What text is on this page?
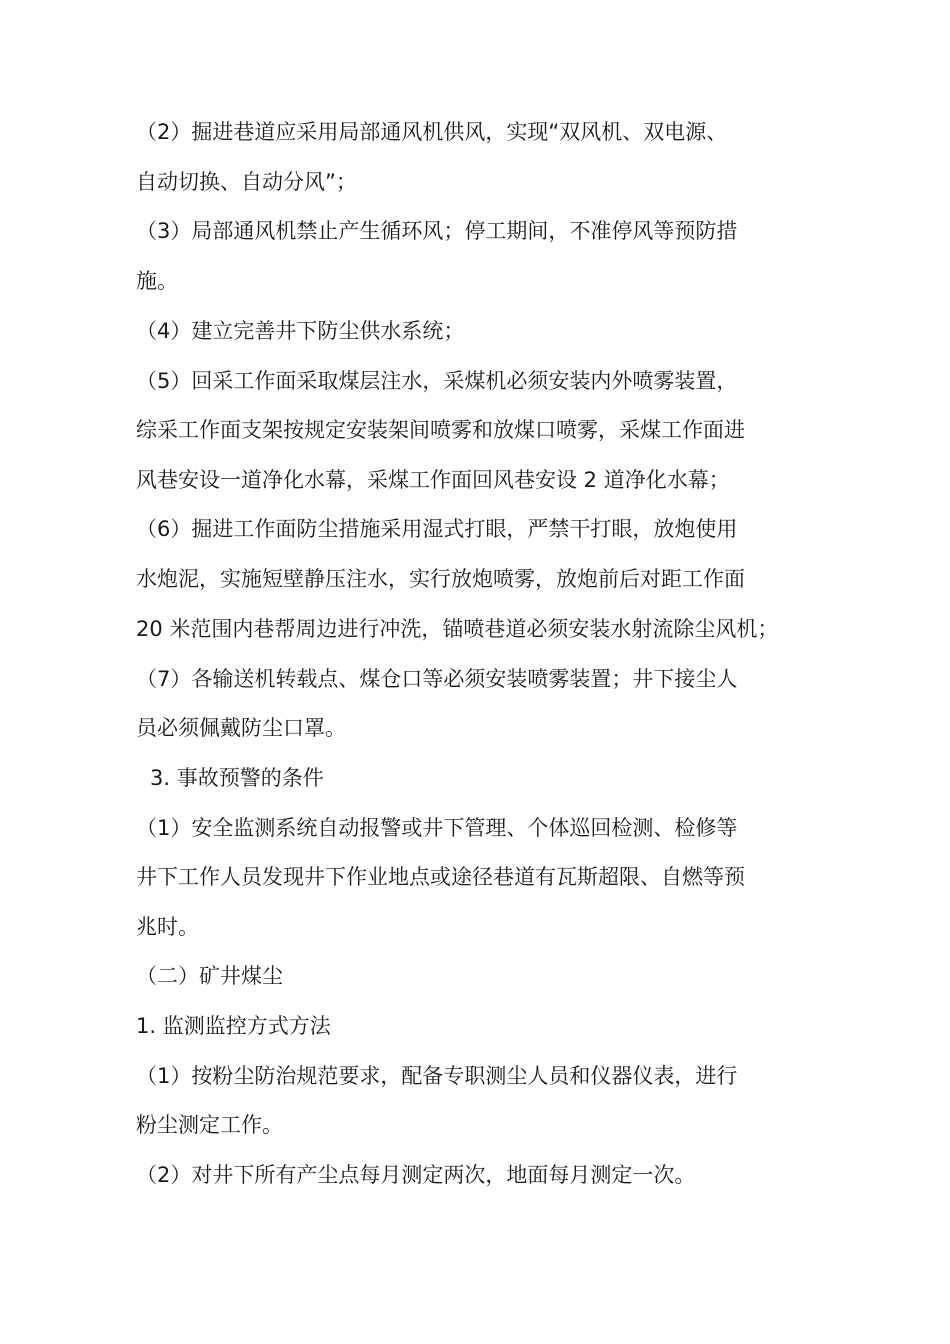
（2）掘进巷道应采用局部通风机供风，实现“双风机、双电源、
自动切换、自动分风”；
（3）局部通风机禁止产生循环风；停工期间，不准停风等预防措
施。
（4）建立完善井下防尘供水系统；
（5）回采工作面采取煤层注水，采煤机必须安装内外喷雾装置，
综采工作面支架按规定安装架间喷雾和放煤口喷雾，采煤工作面进
风巷安设一道净化水幕，采煤工作面回风巷安设 2 道净化水幕；
（6）掘进工作面防尘措施采用湿式打眼，严禁干打眼，放炮使用
水炮泥，实施短壁静压注水，实行放炮喷雾，放炮前后对距工作面
20 米范围内巷帮周边进行冲洗，锚喷巷道必须安装水射流除尘风机；
（7）各输送机转载点、煤仓口等必须安装喷雾装置；井下接尘人
员必须佩戴防尘口罩。
3. 事故预警的条件
（1）安全监测系统自动报警或井下管理、个体巡回检测、检修等
井下工作人员发现井下作业地点或途径巷道有瓦斯超限、自燃等预
兆时。
（二）矿井煤尘
1. 监测监控方式方法
（1）按粉尘防治规范要求，配备专职测尘人员和仪器仪表，进行
粉尘测定工作。
（2）对井下所有产尘点每月测定两次，地面每月测定一次。
